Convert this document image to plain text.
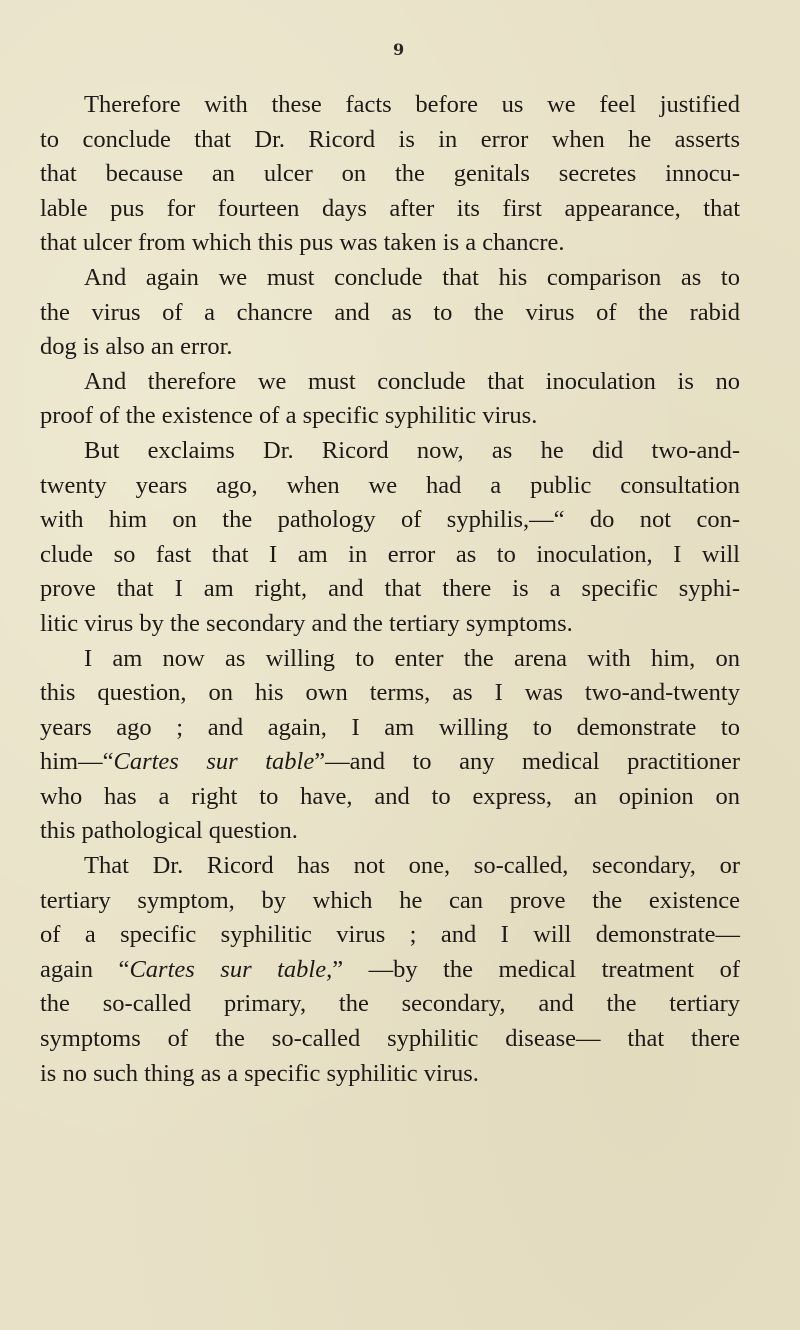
9
Therefore with these facts before us we feel justified
to conclude that Dr. Ricord is in error when he asserts
that because an ulcer on the genitals secretes innocu-
lable pus for fourteen days after its first appearance, that
that ulcer from which this pus was taken is a chancre.
And again we must conclude that his comparison as to
the virus of a chancre and as to the virus of the rabid
dog is also an error.
And therefore we must conclude that inoculation is no
proof of the existence of a specific syphilitic virus.
But exclaims Dr. Ricord now, as he did two-and-
twenty years ago, when we had a public consultation
with him on the pathology of syphilis,—“ do not con-
clude so fast that I am in error as to inoculation, I will
prove that I am right, and that there is a specific syphi-
litic virus by the secondary and the tertiary symptoms.
I am now as willing to enter the arena with him, on
this question, on his own terms, as I was two-and-twenty
years ago ; and again, I am willing to demonstrate to
him—“Cartes sur table”—and to any medical practitioner
who has a right to have, and to express, an opinion on
this pathological question.
That Dr. Ricord has not one, so-called, secondary, or
tertiary symptom, by which he can prove the existence
of a specific syphilitic virus ; and I will demonstrate—
again “Cartes sur table,” —by the medical treatment of
the so-called primary, the secondary, and the tertiary
symptoms of the so-called syphilitic disease— that there
is no such thing as a specific syphilitic virus.
